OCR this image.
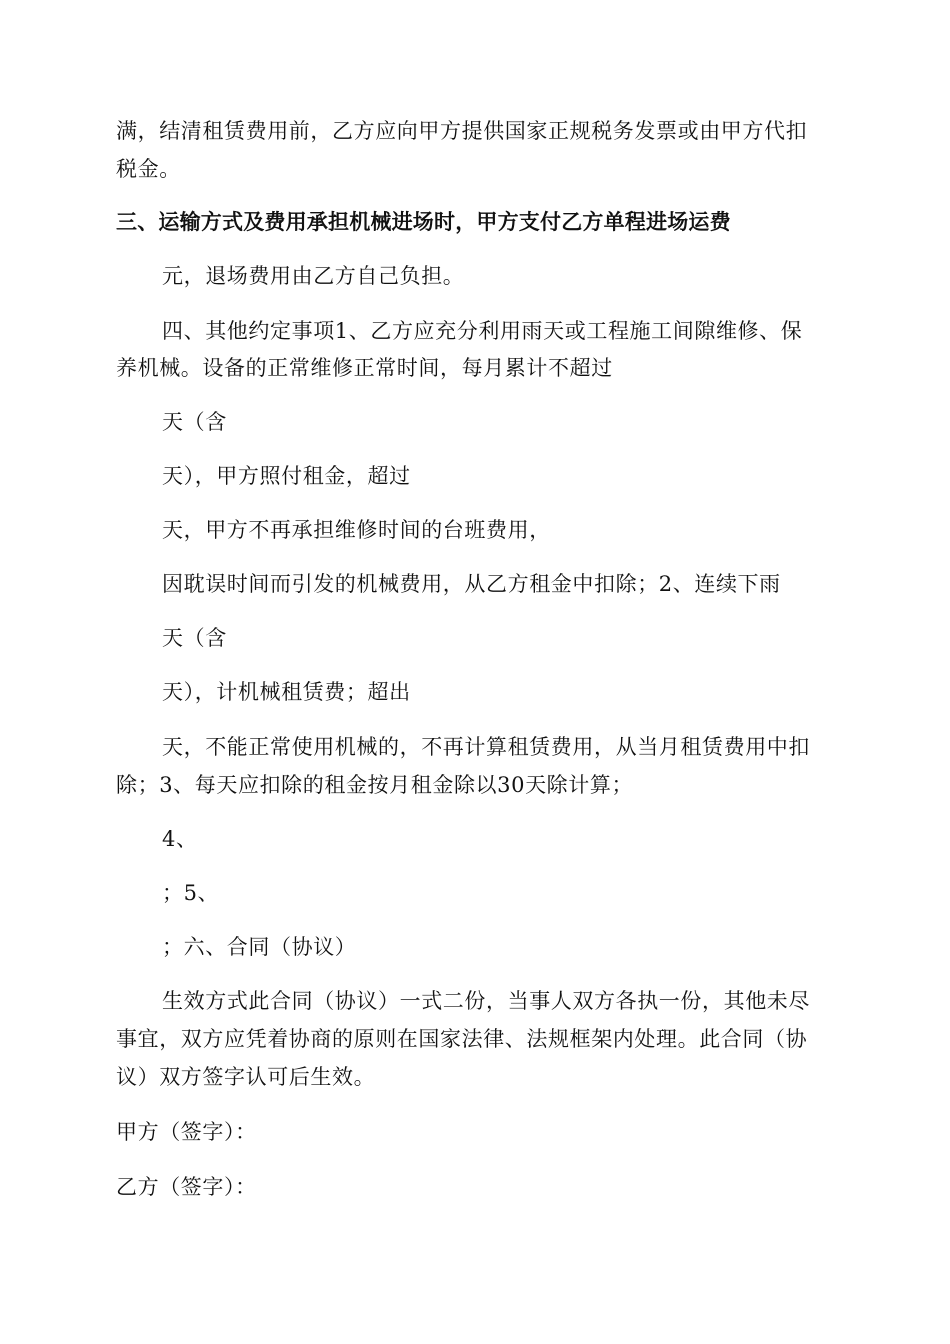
满，结清租赁费用前，乙方应向甲方提供国家正规税务发票或由甲方代扣
税金。
三、运输方式及费用承担机械进场时，甲方支付乙方单程进场运费
元，退场费用由乙方自己负担。
四、其他约定事项1、乙方应充分利用雨天或工程施工间隙维修、保
养机械。设备的正常维修正常时间，每月累计不超过
天（含
天），甲方照付租金，超过
天，甲方不再承担维修时间的台班费用，
因耽误时间而引发的机械费用，从乙方租金中扣除；2、连续下雨
天（含
天），计机械租赁费；超出
天，不能正常使用机械的，不再计算租赁费用，从当月租赁费用中扣
除；3、每天应扣除的租金按月租金除以30天除计算；
4、
；5、
；六、合同（协议）
生效方式此合同（协议）一式二份，当事人双方各执一份，其他未尽
事宜，双方应凭着协商的原则在国家法律、法规框架内处理。此合同（协
议）双方签字认可后生效。
甲方（签字）：
乙方（签字）：
